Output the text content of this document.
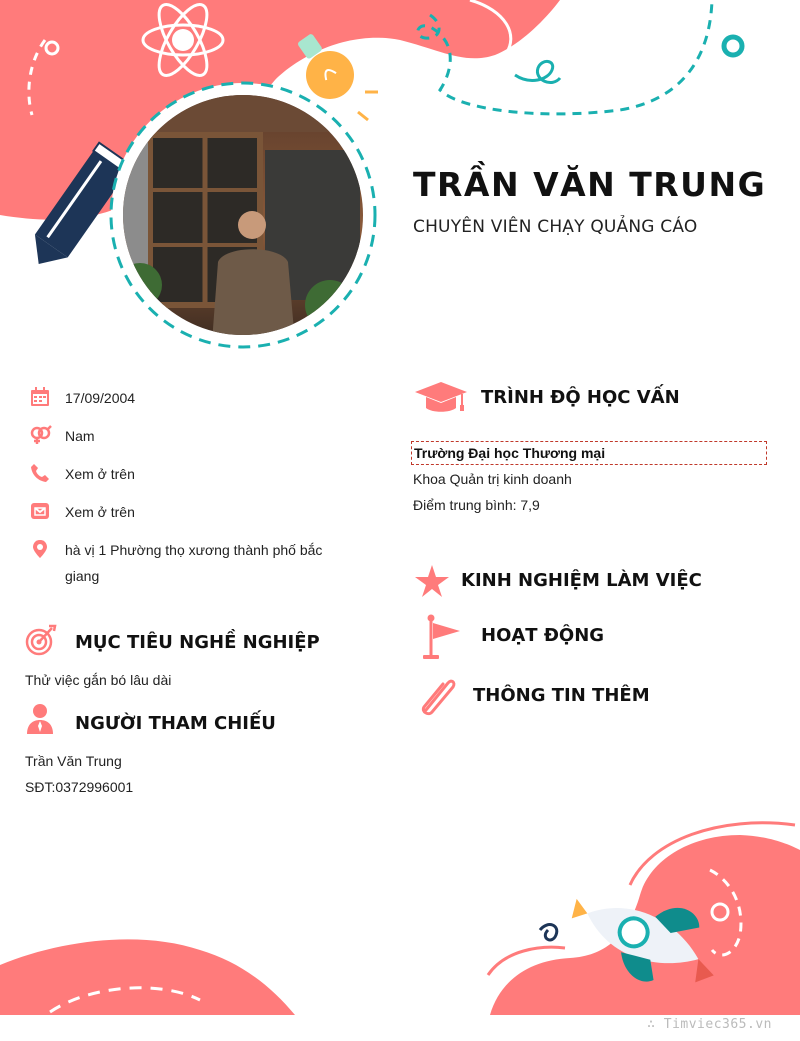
TRẦN VĂN TRUNG
CHUYÊN VIÊN CHẠY QUẢNG CÁO
17/09/2004
Nam
Xem ở trên
Xem ở trên
hà vị 1 Phường thọ xương thành phố bắc giang
MỤC TIÊU NGHỀ NGHIỆP
Thử việc gắn bó lâu dài
NGƯỜI THAM CHIẾU
Trần Văn Trung
SĐT:0372996001
TRÌNH ĐỘ HỌC VẤN
Trường Đại học Thương mại
Khoa Quản trị kinh doanh
Điểm trung bình: 7,9
KINH NGHIỆM LÀM VIỆC
HOẠT ĐỘNG
THÔNG TIN THÊM
∴ Timviec365.vn
